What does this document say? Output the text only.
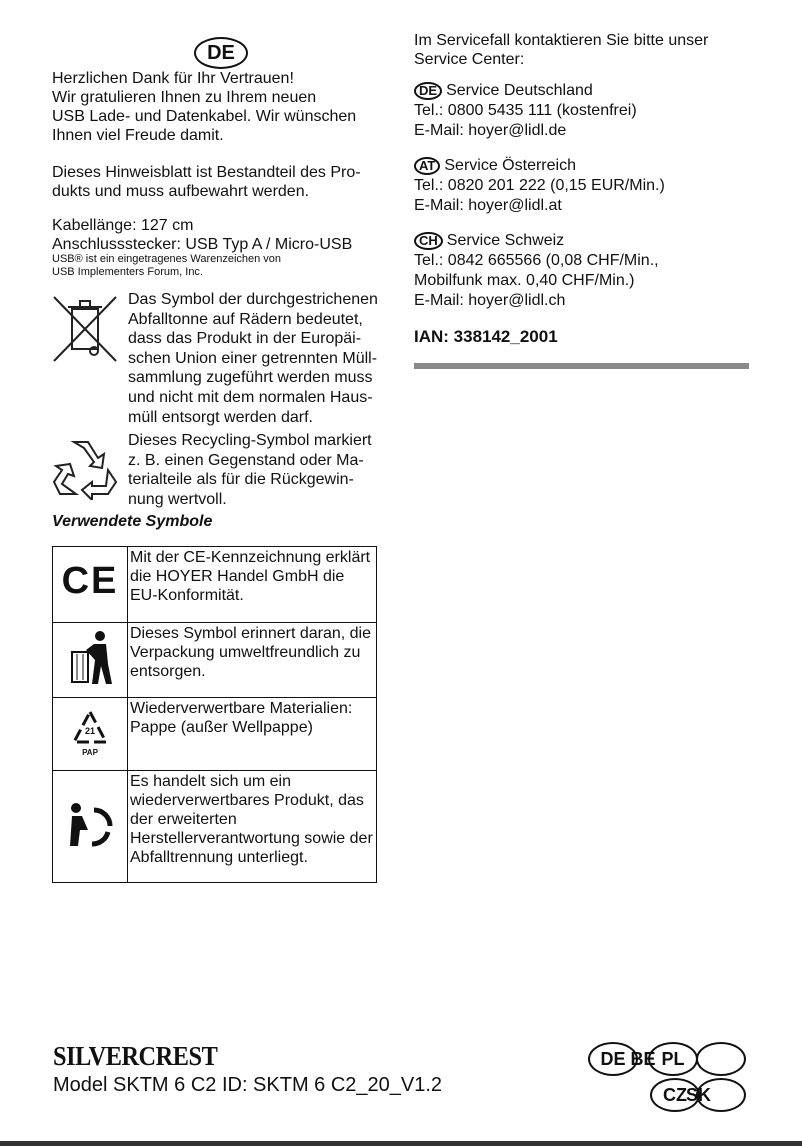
DE
Herzlichen Dank für Ihr Vertrauen!
Wir gratulieren Ihnen zu Ihrem neuen
USB Lade- und Datenkabel. Wir wünschen
Ihnen viel Freude damit.
Dieses Hinweisblatt ist Bestandteil des Pro-
dukts und muss aufbewahrt werden.
Kabellänge: 127 cm
Anschlussstecker: USB Typ A / Micro-USB
USB® ist ein eingetragenes Warenzeichen von
USB Implementers Forum, Inc.
Das Symbol der durchgestrichenen
Abfalltonne auf Rädern bedeutet,
dass das Produkt in der Europäi-
schen Union einer getrennten Müll-
sammlung zugeführt werden muss
und nicht mit dem normalen Haus-
müll entsorgt werden darf.
Dieses Recycling-Symbol markiert
z. B. einen Gegenstand oder Ma-
terialteile als für die Rückgewin-
nung wertvoll.
Verwendete Symbole
CE	Mit der CE-Kennzeichnung erklärt die HOYER Handel GmbH die EU-Konformität.
	Dieses Symbol erinnert daran, die Verpackung umweltfreundlich zu entsorgen.

21
PAP	Wiederverwertbare Materialien: Pappe (außer Wellpappe)
	Es handelt sich um ein wiederverwertbares Produkt, das der erweiterten Herstellerverantwortung sowie der Abfalltrennung unterliegt.
Im Servicefall kontaktieren Sie bitte unser
Service Center:
DE Service Deutschland
Tel.: 0800 5435 111 (kostenfrei)
E-Mail: hoyer@lidl.de
AT Service Österreich
Tel.: 0820 201 222 (0,15 EUR/Min.)
E-Mail: hoyer@lidl.at
CH Service Schweiz
Tel.: 0842 665566 (0,08 CHF/Min.,
Mobilfunk max. 0,40 CHF/Min.)
E-Mail: hoyer@lidl.ch
IAN: 338142_2001
SILVERCREST
Model SKTM 6 C2 ID: SKTM 6 C2_20_V1.2
DE BE PL
CZ SK
